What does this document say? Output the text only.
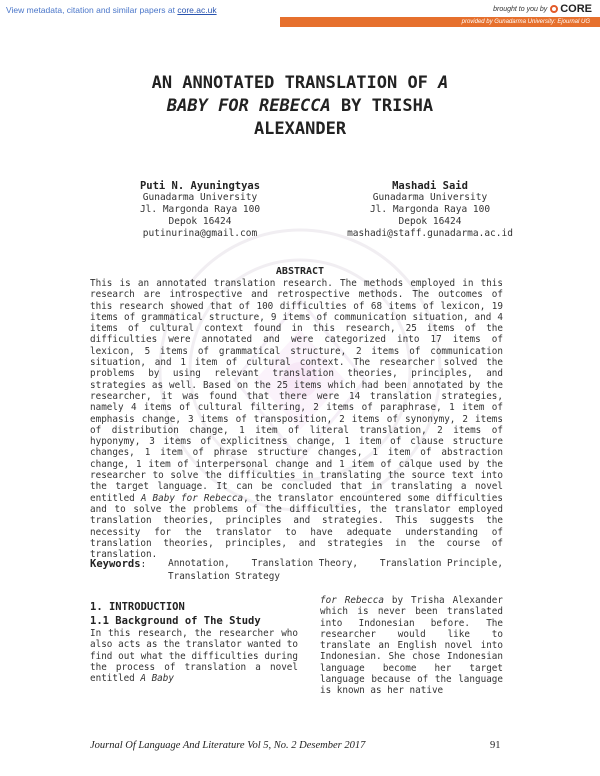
View metadata, citation and similar papers at core.ac.uk	brought to you by CORE
provided by Gunadarma University: Ejournal UG
AN ANNOTATED TRANSLATION OF A
BABY FOR REBECCA BY TRISHA
ALEXANDER
Puti N. Ayuningtyas
Gunadarma University
Jl. Margonda Raya 100
Depok 16424
putinurina@gmail.com
Mashadi Said
Gunadarma University
Jl. Margonda Raya 100
Depok 16424
mashadi@staff.gunadarma.ac.id
ABSTRACT
This is an annotated translation research. The methods employed in this research are introspective and retrospective methods. The outcomes of this research showed that of 100 difficulties of 68 items of lexicon, 19 items of grammatical structure, 9 items of communication situation, and 4 items of cultural context found in this research, 25 items of the difficulties were annotated and were categorized into 17 items of lexicon, 5 items of grammatical structure, 2 items of communication situation, and 1 item of cultural context. The researcher solved the problems by using relevant translation theories, principles, and strategies as well. Based on the 25 items which had been annotated by the researcher, it was found that there were 14 translation strategies, namely 4 items of cultural filtering, 2 items of paraphrase, 1 item of emphasis change, 3 items of transposition, 2 items of synonymy, 2 items of distribution change, 1 item of literal translation, 2 items of hyponymy, 3 items of explicitness change, 1 item of clause structure changes, 1 item of phrase structure changes, 1 item of abstraction change, 1 item of interpersonal change and 1 item of calque used by the researcher to solve the difficulties in translating the source text into the target language. It can be concluded that in translating a novel entitled A Baby for Rebecca, the translator encountered some difficulties and to solve the problems of the difficulties, the translator employed translation theories, principles and strategies. This suggests the necessity for the translator to have adequate understanding of translation theories, principles, and strategies in the course of translation.
Keywords: Annotation, Translation Theory, Translation Principle,
Translation Strategy
1. INTRODUCTION
1.1 Background of The Study
In this research, the researcher who also acts as the translator wanted to find out what the difficulties during the process of translation a novel entitled A Baby
for Rebecca by Trisha Alexander which is never been translated into Indonesian before. The researcher would like to translate an English novel into Indonesian. She chose Indonesian language become her target language because of the language is known as her native
Journal Of Language And Literature Vol 5, No. 2 Desember 2017	91
